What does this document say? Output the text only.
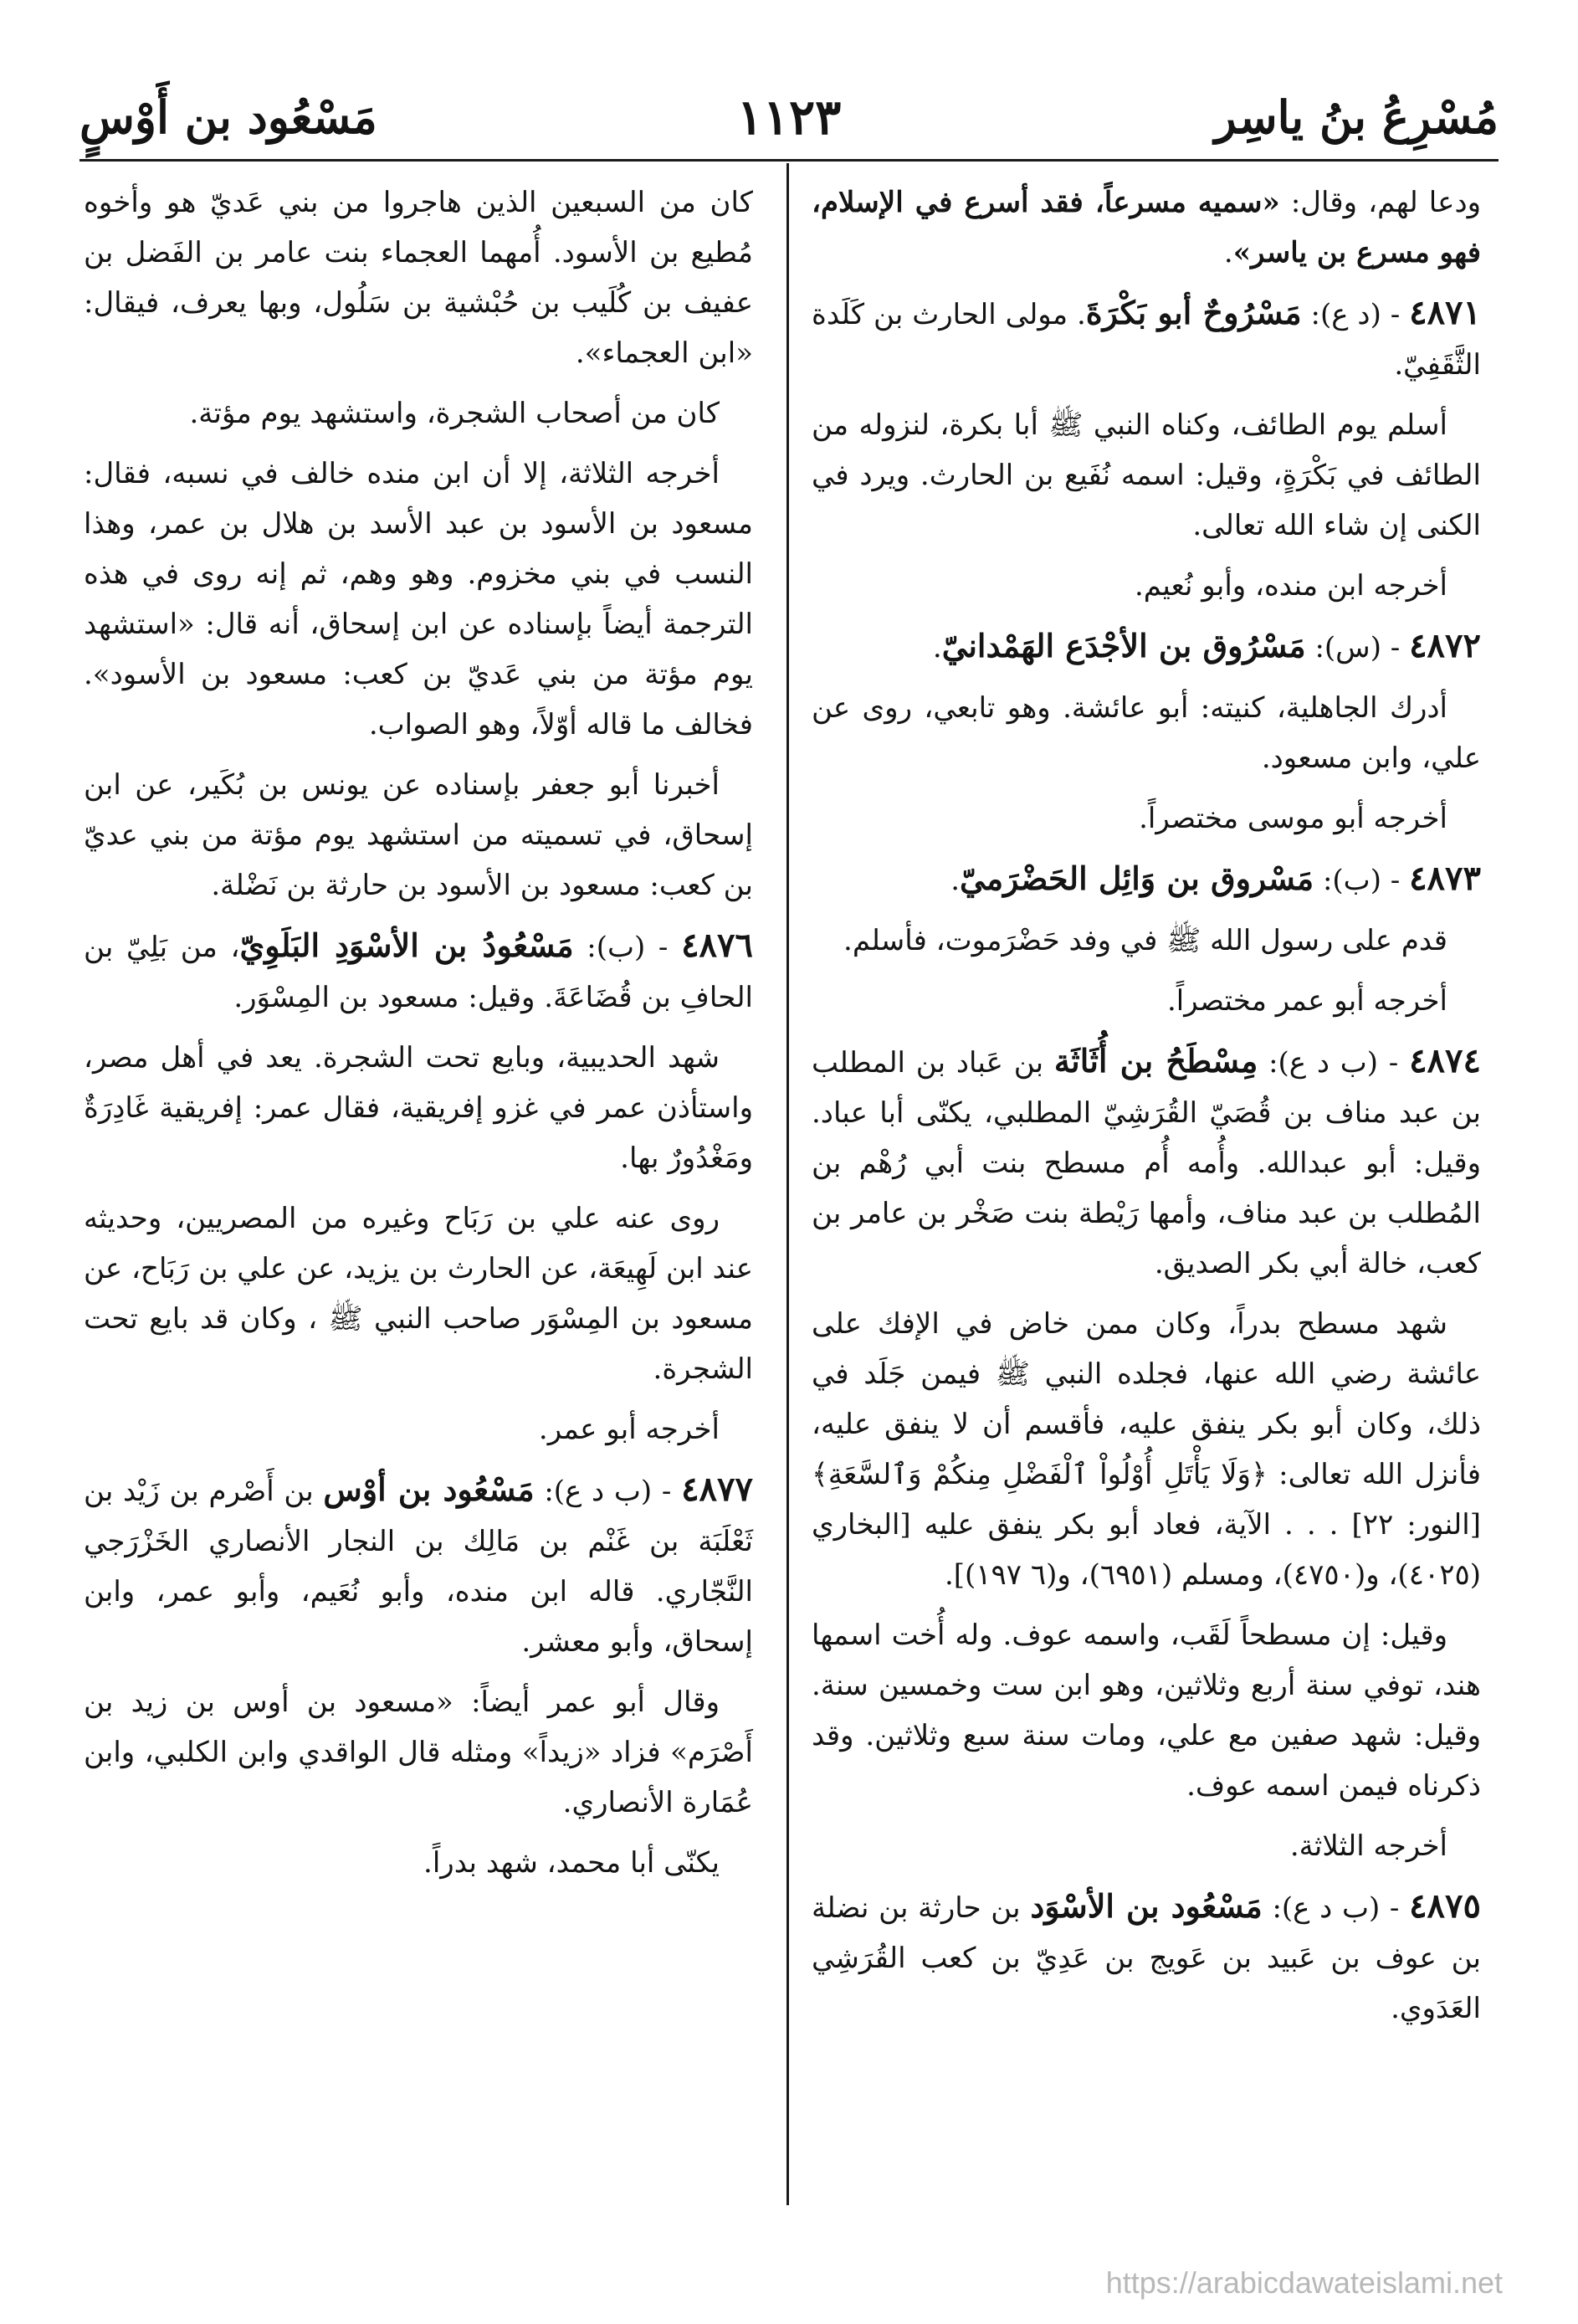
مُسْرِعُ بنُ ياسِر
١١٢٣
مَسْعُود بن أَوْسٍ

ودعا لهم، وقال: «سميه مسرعاً، فقد أسرع في الإسلام، فهو مسرع بن ياسر».

٤٨٧١ - (د ع): مَسْرُوحٌ أبو بَكْرَةَ. مولى الحارث بن كَلَدة الثَّقَفِيّ.

أسلم يوم الطائف، وكناه النبي ﷺ أبا بكرة، لنزوله من الطائف في بَكْرَةٍ، وقيل: اسمه نُفَيع بن الحارث. ويرد في الكنى إن شاء الله تعالى.

أخرجه ابن منده، وأبو نُعيم.

٤٨٧٢ - (س): مَسْرُوق بن الأجْدَع الهَمْدانيّ.

أدرك الجاهلية، كنيته: أبو عائشة. وهو تابعي، روى عن علي، وابن مسعود.

أخرجه أبو موسى مختصراً.

٤٨٧٣ - (ب): مَسْروق بن وَائِل الحَضْرَميّ.

قدم على رسول الله ﷺ في وفد حَضْرَموت، فأسلم.

أخرجه أبو عمر مختصراً.

٤٨٧٤ - (ب د ع): مِسْطَحُ بن أُثَاثَة بن عَباد بن المطلب بن عبد مناف بن قُصَيّ القُرَشِيّ المطلبي، يكنّى أبا عباد. وقيل: أبو عبدالله. وأُمه أُم مسطح بنت أبي رُهْم بن المُطلب بن عبد مناف، وأمها رَيْطة بنت صَخْر بن عامر بن كعب، خالة أبي بكر الصديق.

شهد مسطح بدراً، وكان ممن خاض في الإفك على عائشة رضي الله عنها، فجلده النبي ﷺ فيمن جَلَد في ذلك، وكان أبو بكر ينفق عليه، فأقسم أن لا ينفق عليه، فأنزل الله تعالى: ﴿وَلَا يَأْتَلِ أُوْلُواْ ٱلْفَضْلِ مِنكُمْ وَٱلسَّعَةِ﴾ [النور: ٢٢] . . . الآية، فعاد أبو بكر ينفق عليه [البخاري (٤٠٢٥)، و(٤٧٥٠)، ومسلم (٦٩٥١)، و(٦ ١٩٧)].

وقيل: إن مسطحاً لَقَب، واسمه عوف. وله أُخت اسمها هند، توفي سنة أربع وثلاثين، وهو ابن ست وخمسين سنة. وقيل: شهد صفين مع علي، ومات سنة سبع وثلاثين. وقد ذكرناه فيمن اسمه عوف.

أخرجه الثلاثة.

٤٨٧٥ - (ب د ع): مَسْعُود بن الأسْوَد بن حارثة بن نضلة بن عوف بن عَبيد بن عَويج بن عَدِيّ بن كعب القُرَشِي العَدَوي.

كان من السبعين الذين هاجروا من بني عَديّ هو وأخوه مُطيع بن الأسود. أُمهما العجماء بنت عامر بن الفَضل بن عفيف بن كُلَيب بن حُبْشية بن سَلُول، وبها يعرف، فيقال: «ابن العجماء».

كان من أصحاب الشجرة، واستشهد يوم مؤتة.

أخرجه الثلاثة، إلا أن ابن منده خالف في نسبه، فقال: مسعود بن الأسود بن عبد الأسد بن هلال بن عمر، وهذا النسب في بني مخزوم. وهو وهم، ثم إنه روى في هذه الترجمة أيضاً بإسناده عن ابن إسحاق، أنه قال: «استشهد يوم مؤتة من بني عَديّ بن كعب: مسعود بن الأسود». فخالف ما قاله أوّلاً، وهو الصواب.

أخبرنا أبو جعفر بإسناده عن يونس بن بُكَير، عن ابن إسحاق، في تسميته من استشهد يوم مؤتة من بني عديّ بن كعب: مسعود بن الأسود بن حارثة بن نَضْلة.

٤٨٧٦ - (ب): مَسْعُودُ بن الأسْوَدِ البَلَوِيّ، من بَلِيّ بن الحافِ بن قُضَاعَةَ. وقيل: مسعود بن المِسْوَر.

شهد الحديبية، وبايع تحت الشجرة. يعد في أهل مصر، واستأذن عمر في غزو إفريقية، فقال عمر: إفريقية غَادِرَةٌ ومَغْدُورٌ بها.

روى عنه علي بن رَبَاح وغيره من المصريين، وحديثه عند ابن لَهِيعَة، عن الحارث بن يزيد، عن علي بن رَبَاح، عن مسعود بن المِسْوَر صاحب النبي ﷺ ، وكان قد بايع تحت الشجرة.

أخرجه أبو عمر.

٤٨٧٧ - (ب د ع): مَسْعُود بن أوْس بن أَصْرم بن زَيْد بن ثَعْلَبَة بن غَنْم بن مَالِك بن النجار الأنصاري الخَزْرَجي النَّجّاري. قاله ابن منده، وأبو نُعَيم، وأبو عمر، وابن إسحاق، وأبو معشر.

وقال أبو عمر أيضاً: «مسعود بن أوس بن زيد بن أَصْرَم» فزاد «زيداً» ومثله قال الواقدي وابن الكلبي، وابن عُمَارة الأنصاري.

يكنّى أبا محمد، شهد بدراً.

https://arabicdawateislami.net
